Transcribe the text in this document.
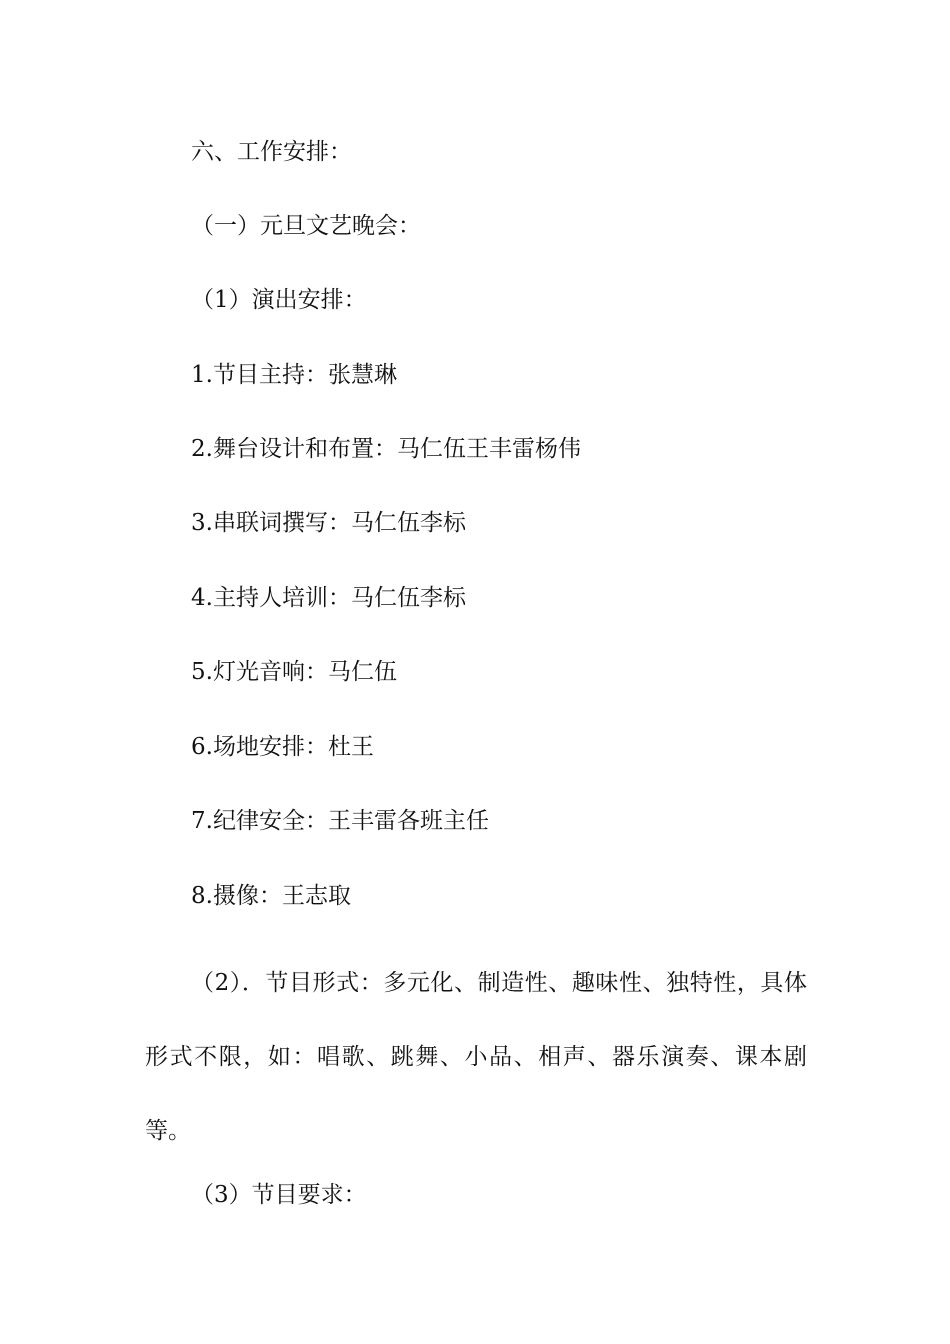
六、工作安排：
（一）元旦文艺晚会：
（1）演出安排：
1.节目主持：张慧琳
2.舞台设计和布置：马仁伍王丰雷杨伟
3.串联词撰写：马仁伍李标
4.主持人培训：马仁伍李标
5.灯光音响：马仁伍
6.场地安排：杜王
7.纪律安全：王丰雷各班主任
8.摄像：王志取

（2）．节目形式：多元化、制造性、趣味性、独特性，具体形式不限，如：唱歌、跳舞、小品、相声、器乐演奏、课本剧等。

（3）节目要求：
